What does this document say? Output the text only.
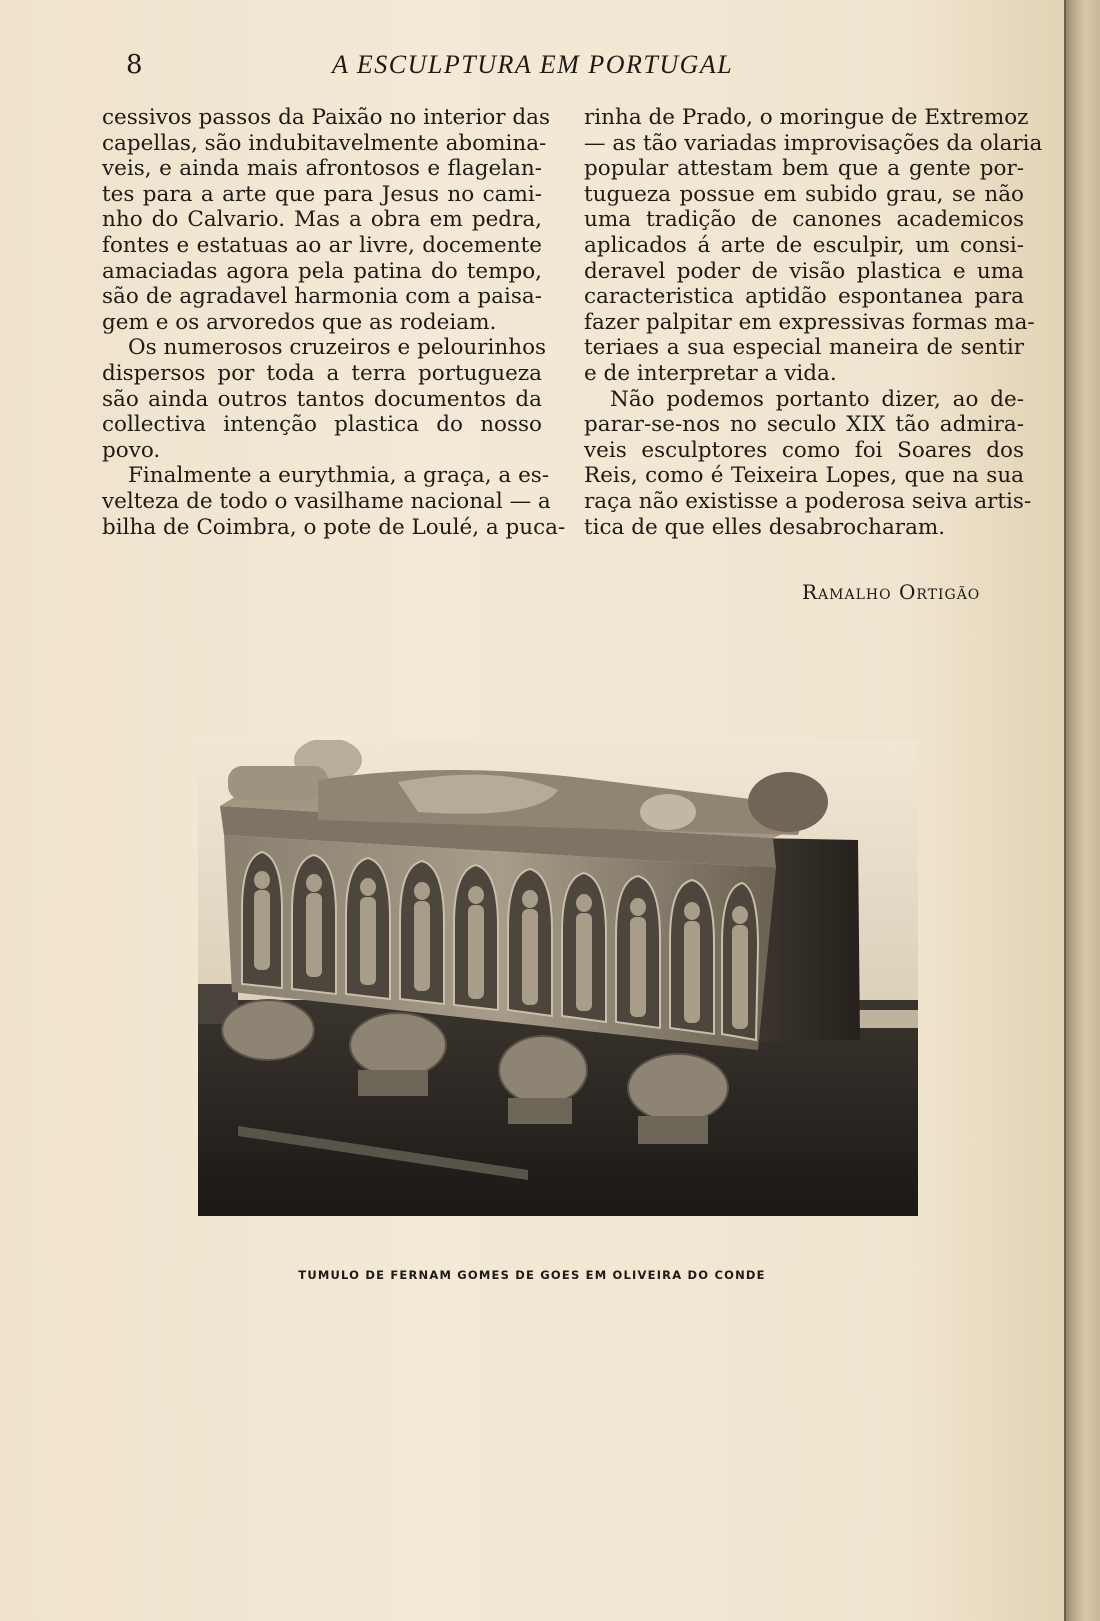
8	A ESCULPTURA EM PORTUGAL
cessivos passos da Paixão no interior das
capellas, são indubitavelmente abomina-
veis, e ainda mais afrontosos e flagelan-
tes para a arte que para Jesus no cami-
nho do Calvario. Mas a obra em pedra,
fontes e estatuas ao ar livre, docemente
amaciadas agora pela patina do tempo,
são de agradavel harmonia com a paisa-
gem e os arvoredos que as rodeiam.
Os numerosos cruzeiros e pelourinhos
dispersos por toda a terra portugueza
são ainda outros tantos documentos da
collectiva intenção plastica do nosso
povo.
Finalmente a eurythmia, a graça, a es-
velteza de todo o vasilhame nacional — a
bilha de Coimbra, o pote de Loulé, a puca-
rinha de Prado, o moringue de Extremoz
— as tão variadas improvisações da olaria
popular attestam bem que a gente por-
tugueza possue em subido grau, se não
uma tradição de canones academicos
aplicados á arte de esculpir, um consi-
deravel poder de visão plastica e uma
caracteristica aptidão espontanea para
fazer palpitar em expressivas formas ma-
teriaes a sua especial maneira de sentir
e de interpretar a vida.
Não podemos portanto dizer, ao de-
parar-se-nos no seculo XIX tão admira-
veis esculptores como foi Soares dos
Reis, como é Teixeira Lopes, que na sua
raça não existisse a poderosa seiva artis-
tica de que elles desabrocharam.
Ramalho Ortigão
TUMULO DE FERNAM GOMES DE GOES EM OLIVEIRA DO CONDE
